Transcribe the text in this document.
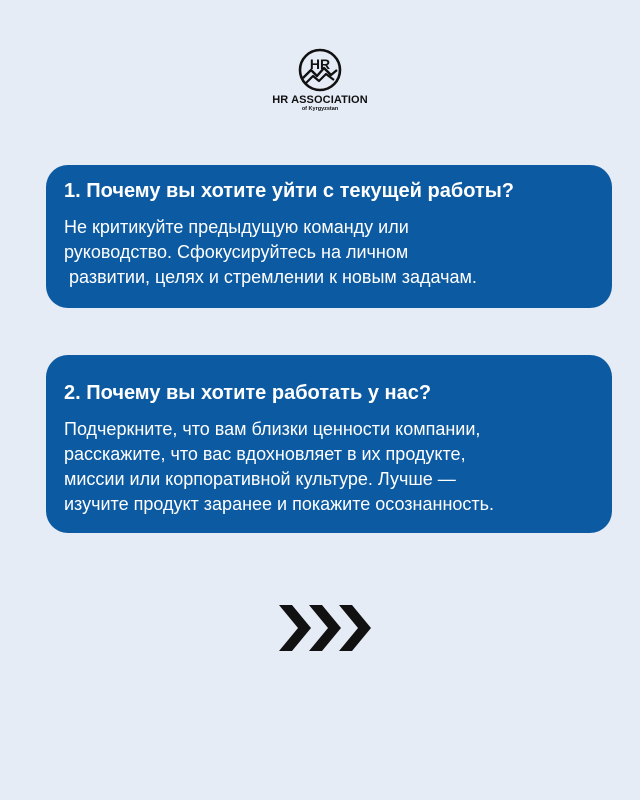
HR
HR ASSOCIATION
of Kyrgyzstan

1. Почему вы хотите уйти с текущей работы?

Не критикуйте предыдущую команду или
руководство. Сфокусируйтесь на личном
развитии, целях и стремлении к новым задачам.

2. Почему вы хотите работать у нас?

Подчеркните, что вам близки ценности компании,
расскажите, что вас вдохновляет в их продукте,
миссии или корпоративной культуре. Лучше —
изучите продукт заранее и покажите осознанность.
